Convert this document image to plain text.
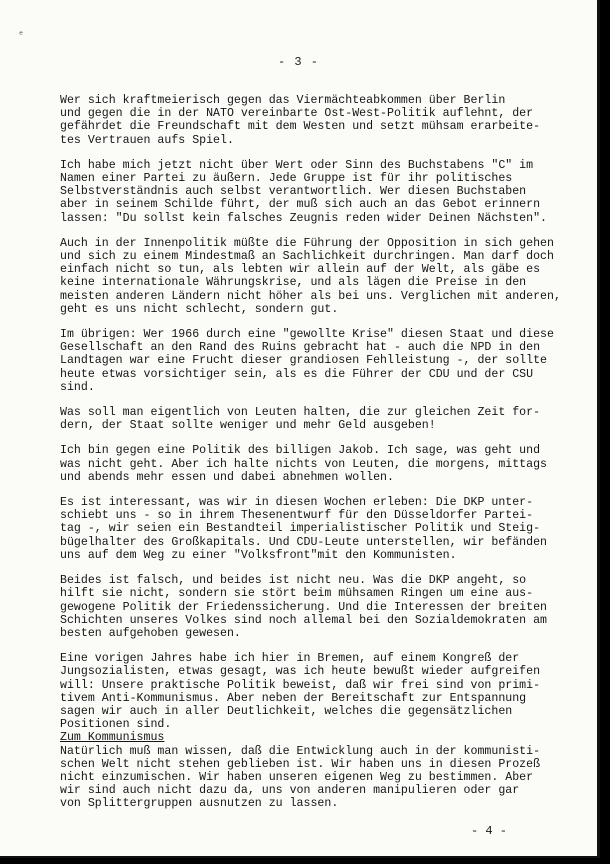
ᵉ
- 3 -

Wer sich kraftmeierisch gegen das Viermächteabkommen über Berlin
und gegen die in der NATO vereinbarte Ost-West-Politik auflehnt, der
gefährdet die Freundschaft mit dem Westen und setzt mühsam erarbeite-
tes Vertrauen aufs Spiel.

Ich habe mich jetzt nicht über Wert oder Sinn des Buchstabens "C" im
Namen einer Partei zu äußern. Jede Gruppe ist für ihr politisches
Selbstverständnis auch selbst verantwortlich. Wer diesen Buchstaben
aber in seinem Schilde führt, der muß sich auch an das Gebot erinnern
lassen: "Du sollst kein falsches Zeugnis reden wider Deinen Nächsten".

Auch in der Innenpolitik müßte die Führung der Opposition in sich gehen
und sich zu einem Mindestmaß an Sachlichkeit durchringen. Man darf doch
einfach nicht so tun, als lebten wir allein auf der Welt, als gäbe es
keine internationale Währungskrise, und als lägen die Preise in den
meisten anderen Ländern nicht höher als bei uns. Verglichen mit anderen,
geht es uns nicht schlecht, sondern gut.

Im übrigen: Wer 1966 durch eine "gewollte Krise" diesen Staat und diese
Gesellschaft an den Rand des Ruins gebracht hat - auch die NPD in den
Landtagen war eine Frucht dieser grandiosen Fehlleistung -, der sollte
heute etwas vorsichtiger sein, als es die Führer der CDU und der CSU
sind.

Was soll man eigentlich von Leuten halten, die zur gleichen Zeit for-
dern, der Staat sollte weniger und mehr Geld ausgeben!

Ich bin gegen eine Politik des billigen Jakob. Ich sage, was geht und
was nicht geht. Aber ich halte nichts von Leuten, die morgens, mittags
und abends mehr essen und dabei abnehmen wollen.

Es ist interessant, was wir in diesen Wochen erleben: Die DKP unter-
schiebt uns - so in ihrem Thesenentwurf für den Düsseldorfer Partei-
tag -, wir seien ein Bestandteil imperialistischer Politik und Steig-
bügelhalter des Großkapitals. Und CDU-Leute unterstellen, wir befänden
uns auf dem Weg zu einer "Volksfront"mit den Kommunisten.

Beides ist falsch, und beides ist nicht neu. Was die DKP angeht, so
hilft sie nicht, sondern sie stört beim mühsamen Ringen um eine aus-
gewogene Politik der Friedenssicherung. Und die Interessen der breiten
Schichten unseres Volkes sind noch allemal bei den Sozialdemokraten am
besten aufgehoben gewesen.

Eine vorigen Jahres habe ich hier in Bremen, auf einem Kongreß der
Jungsozialisten, etwas gesagt, was ich heute bewußt wieder aufgreifen
will: Unsere praktische Politik beweist, daß wir frei sind von primi-
tivem Anti-Kommunismus. Aber neben der Bereitschaft zur Entspannung
sagen wir auch in aller Deutlichkeit, welches die gegensätzlichen
Positionen sind.

Zum Kommunismus

Natürlich muß man wissen, daß die Entwicklung auch in der kommunisti-
schen Welt nicht stehen geblieben ist. Wir haben uns in diesen Prozeß
nicht einzumischen. Wir haben unseren eigenen Weg zu bestimmen. Aber
wir sind auch nicht dazu da, uns von anderen manipulieren oder gar
von Splittergruppen ausnutzen zu lassen.

- 4 -
